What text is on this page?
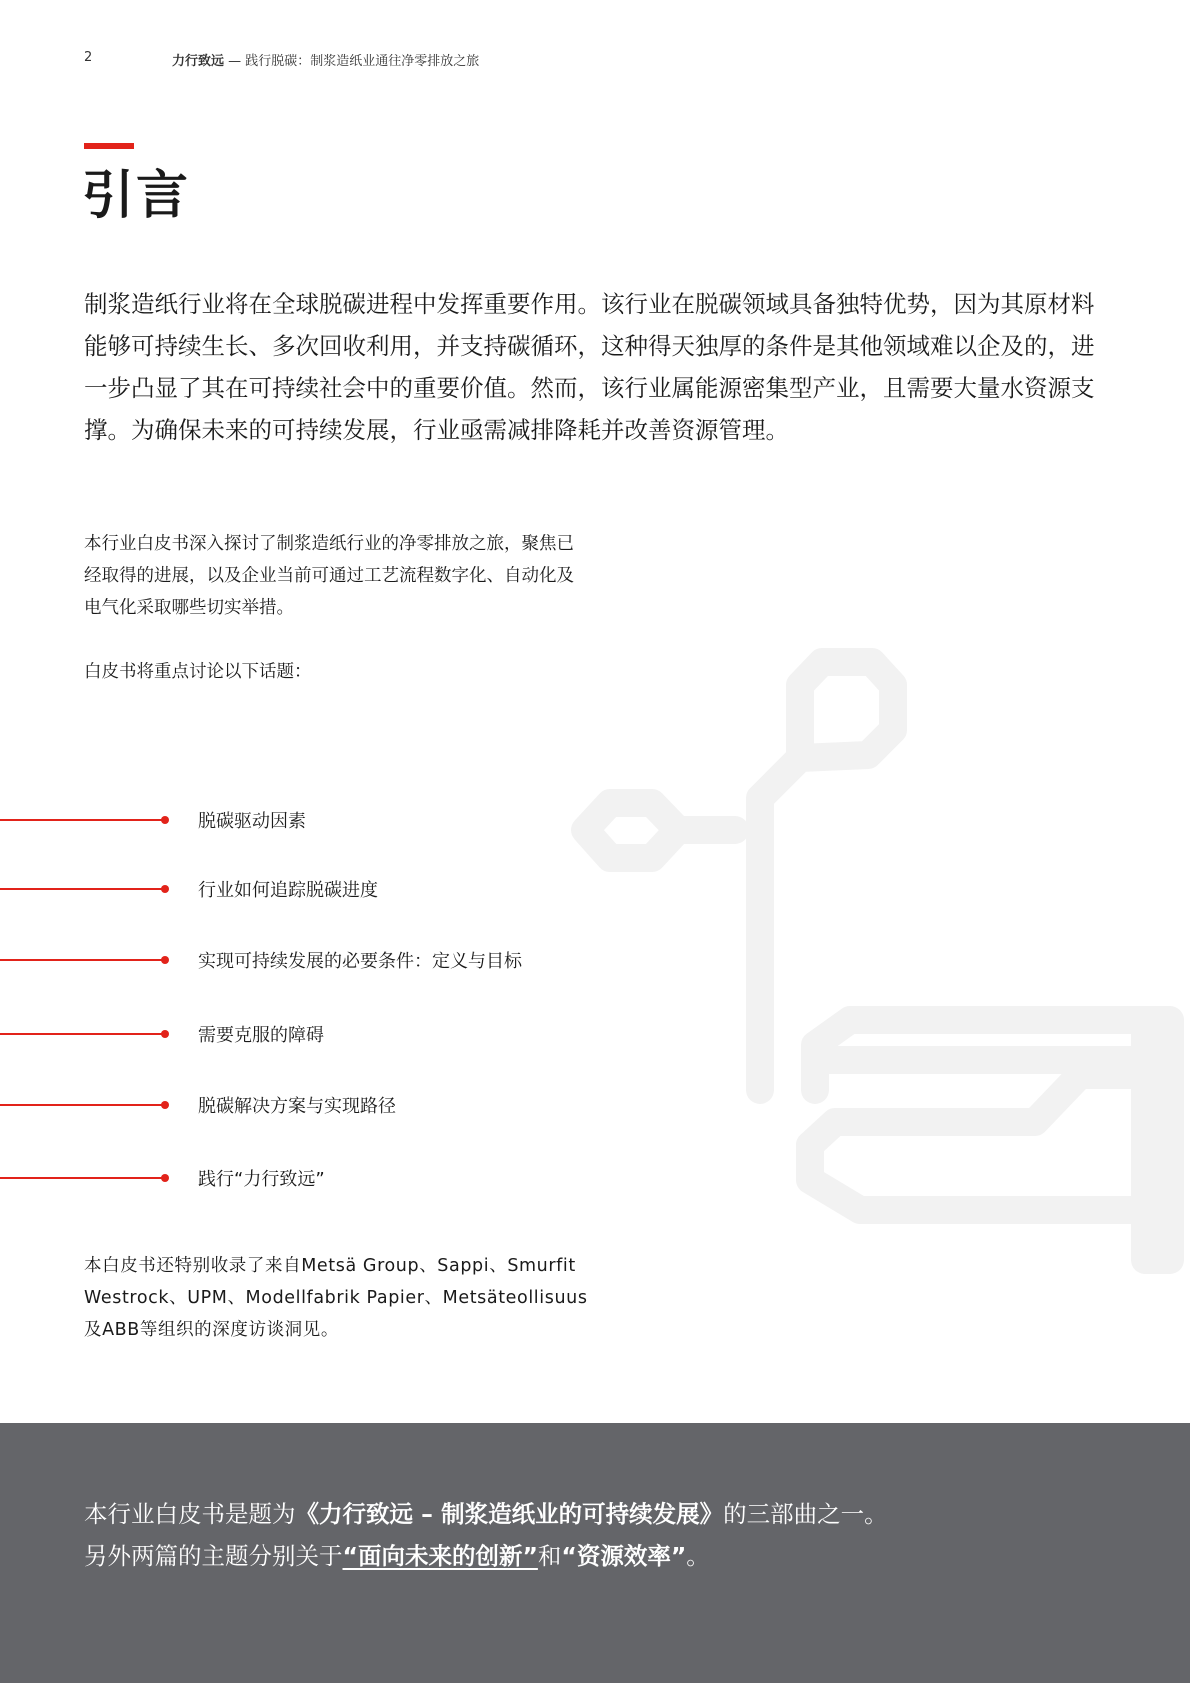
2	力行致远 — 践行脱碳：制浆造纸业通往净零排放之旅
引言

制浆造纸行业将在全球脱碳进程中发挥重要作用。该行业在脱碳领域具备独特优势，因为其原材料能够可持续生长、多次回收利用，并支持碳循环，这种得天独厚的条件是其他领域难以企及的，进一步凸显了其在可持续社会中的重要价值。然而，该行业属能源密集型产业，且需要大量水资源支撑。为确保未来的可持续发展，行业亟需减排降耗并改善资源管理。

本行业白皮书深入探讨了制浆造纸行业的净零排放之旅，聚焦已经取得的进展，以及企业当前可通过工艺流程数字化、自动化及电气化采取哪些切实举措。

白皮书将重点讨论以下话题：

脱碳驱动因素
行业如何追踪脱碳进度
实现可持续发展的必要条件：定义与目标
需要克服的障碍
脱碳解决方案与实现路径
践行“力行致远”

本白皮书还特别收录了来自Metsä Group、Sappi、Smurfit Westrock、UPM、Modellfabrik Papier、Metsäteollisuus及ABB等组织的深度访谈洞见。

本行业白皮书是题为《力行致远 – 制浆造纸业的可持续发展》的三部曲之一。
另外两篇的主题分别关于“面向未来的创新”和“资源效率”。
